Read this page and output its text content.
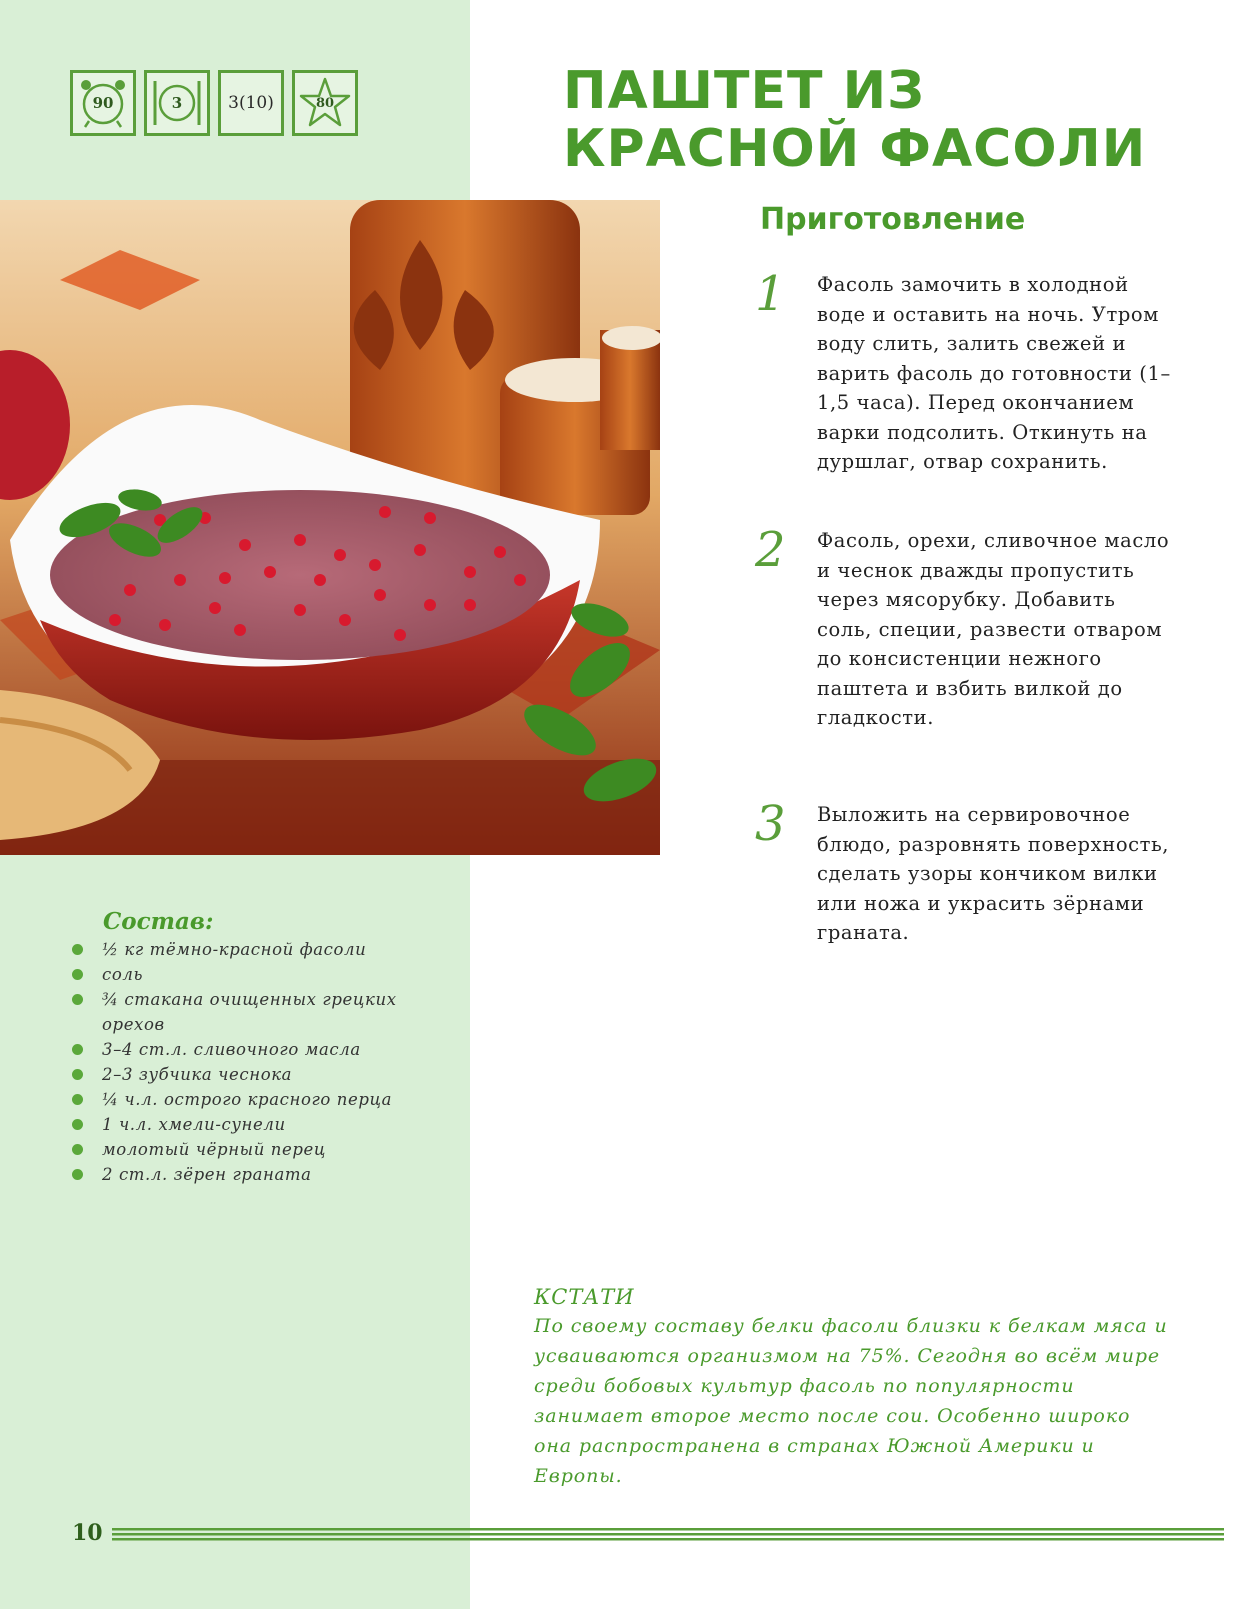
90	3	3(10)	80	ПАШТЕТ ИЗ КРАСНОЙ ФАСОЛИ
Приготовление
1	Фасоль замочить в холодной воде и оставить на ночь. Утром воду слить, залить свежей и варить фасоль до готовности (1–1,5 часа). Перед окончанием варки подсолить. Откинуть на дуршлаг, отвар сохранить.
2	Фасоль, орехи, сливочное масло и чеснок дважды пропустить через мясорубку. Добавить соль, специи, развести отваром до консистенции нежного паштета и взбить вилкой до гладкости.
3	Выложить на сервировочное блюдо, разровнять поверхность, сделать узоры кончиком вилки или ножа и украсить зёрнами граната.
Состав:
½ кг тёмно-красной фасоли
соль
¾ стакана очищенных грецких орехов
3–4 ст.л. сливочного масла
2–3 зубчика чеснока
¼ ч.л. острого красного перца
1 ч.л. хмели-сунели
молотый чёрный перец
2 ст.л. зёрен граната

КСТАТИ

По своему составу белки фасоли близки к белкам мяса и усваиваются организмом на 75%. Сегодня во всём мире среди бобовых культур фасоль по популярности занимает второе место после сои. Особенно широко она распространена в странах Южной Америки и Европы.

10
